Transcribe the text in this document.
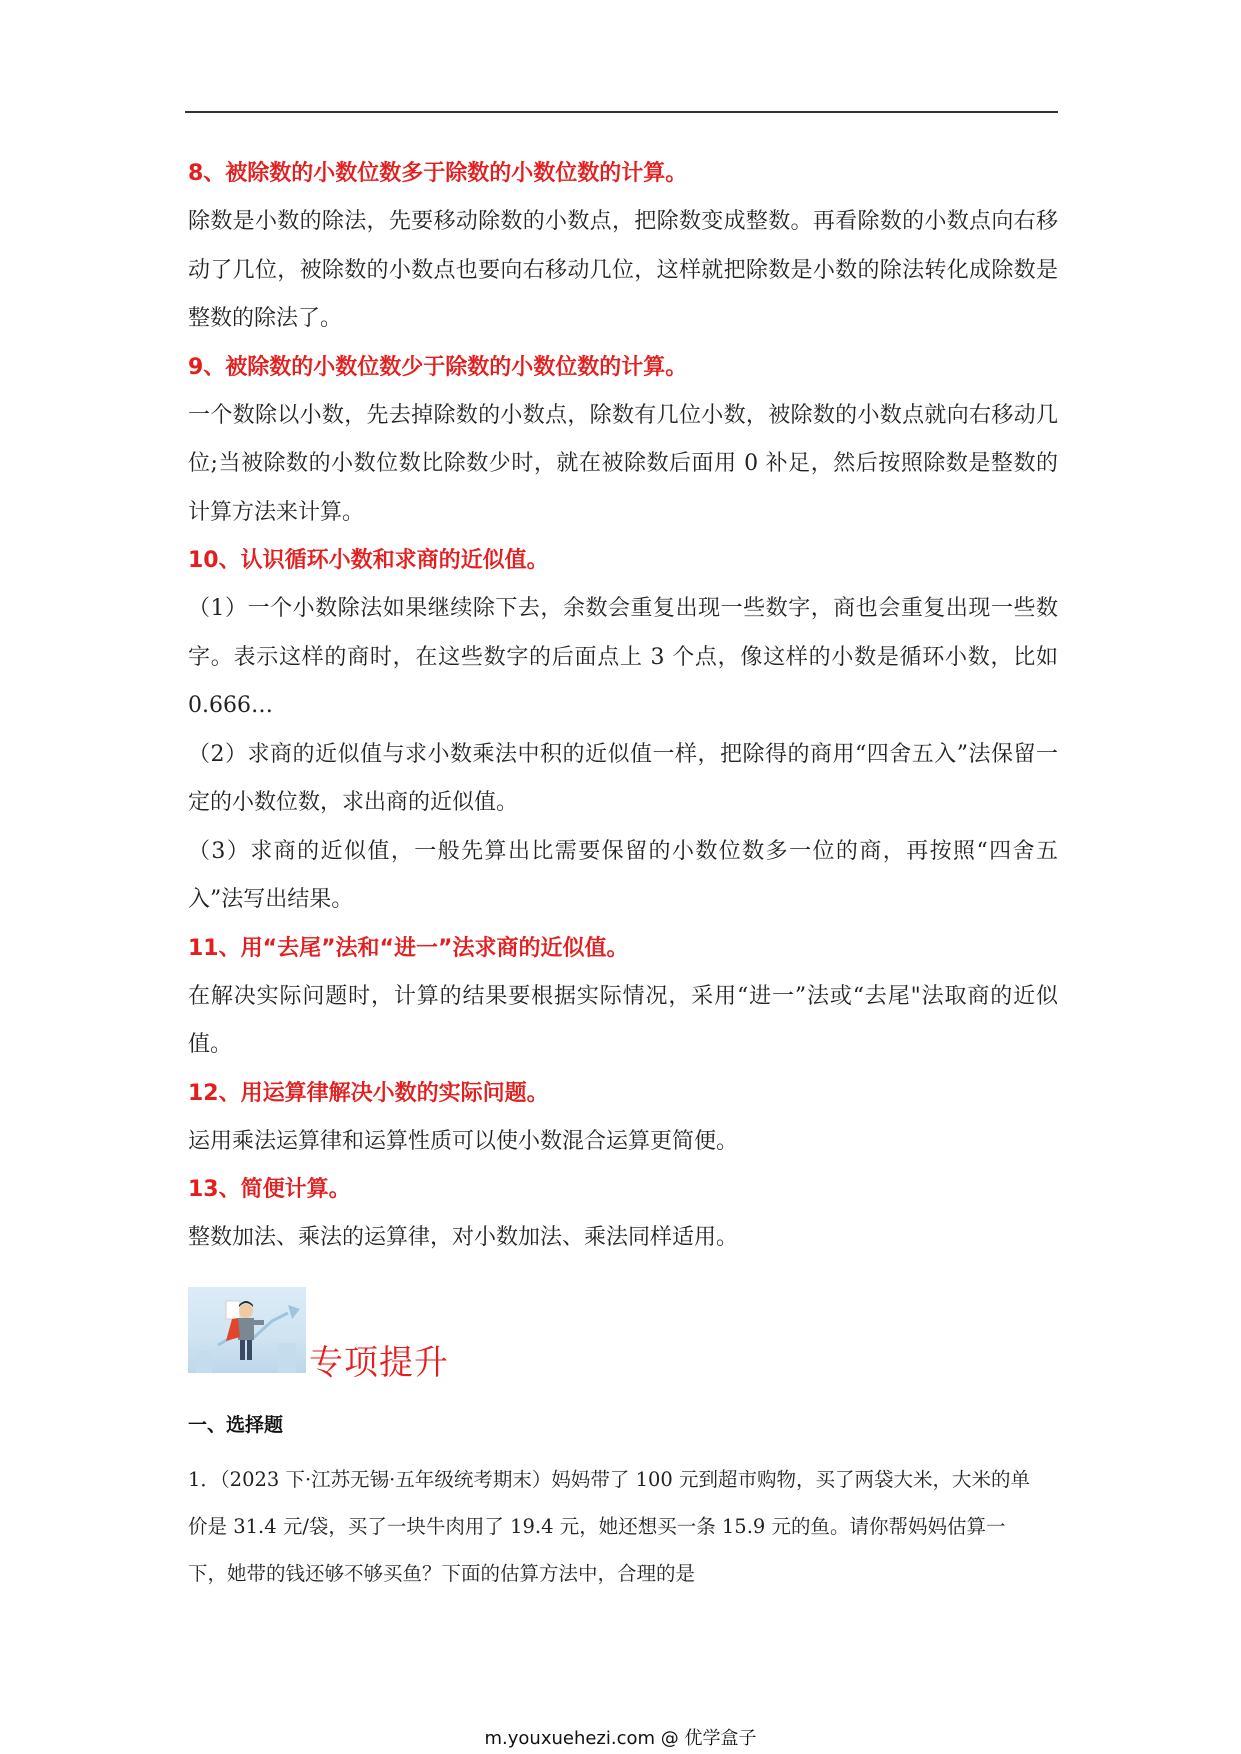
8、被除数的小数位数多于除数的小数位数的计算。

除数是小数的除法，先要移动除数的小数点，把除数变成整数。再看除数的小数点向右移动了几位，被除数的小数点也要向右移动几位，这样就把除数是小数的除法转化成除数是整数的除法了。

9、被除数的小数位数少于除数的小数位数的计算。

一个数除以小数，先去掉除数的小数点，除数有几位小数，被除数的小数点就向右移动几位;当被除数的小数位数比除数少时，就在被除数后面用 0 补足，然后按照除数是整数的计算方法来计算。

10、认识循环小数和求商的近似值。

（1）一个小数除法如果继续除下去，余数会重复出现一些数字，商也会重复出现一些数字。表示这样的商时，在这些数字的后面点上 3 个点，像这样的小数是循环小数，比如 0.666…

（2）求商的近似值与求小数乘法中积的近似值一样，把除得的商用“四舍五入”法保留一定的小数位数，求出商的近似值。

（3）求商的近似值，一般先算出比需要保留的小数位数多一位的商，再按照“四舍五入”法写出结果。

11、用“去尾”法和“进一”法求商的近似值。

在解决实际问题时，计算的结果要根据实际情况，采用“进一”法或“去尾"法取商的近似值。

12、用运算律解决小数的实际问题。

运用乘法运算律和运算性质可以使小数混合运算更简便。

13、简便计算。

整数加法、乘法的运算律，对小数加法、乘法同样适用。

专项提升
一、选择题
1．（2023 下·江苏无锡·五年级统考期末）妈妈带了 100 元到超市购物，买了两袋大米，大米的单价是 31.4 元/袋，买了一块牛肉用了 19.4 元，她还想买一条 15.9 元的鱼。请你帮妈妈估算一下，她带的钱还够不够买鱼？下面的估算方法中，合理的是
m.youxuehezi.com @ 优学盒子
